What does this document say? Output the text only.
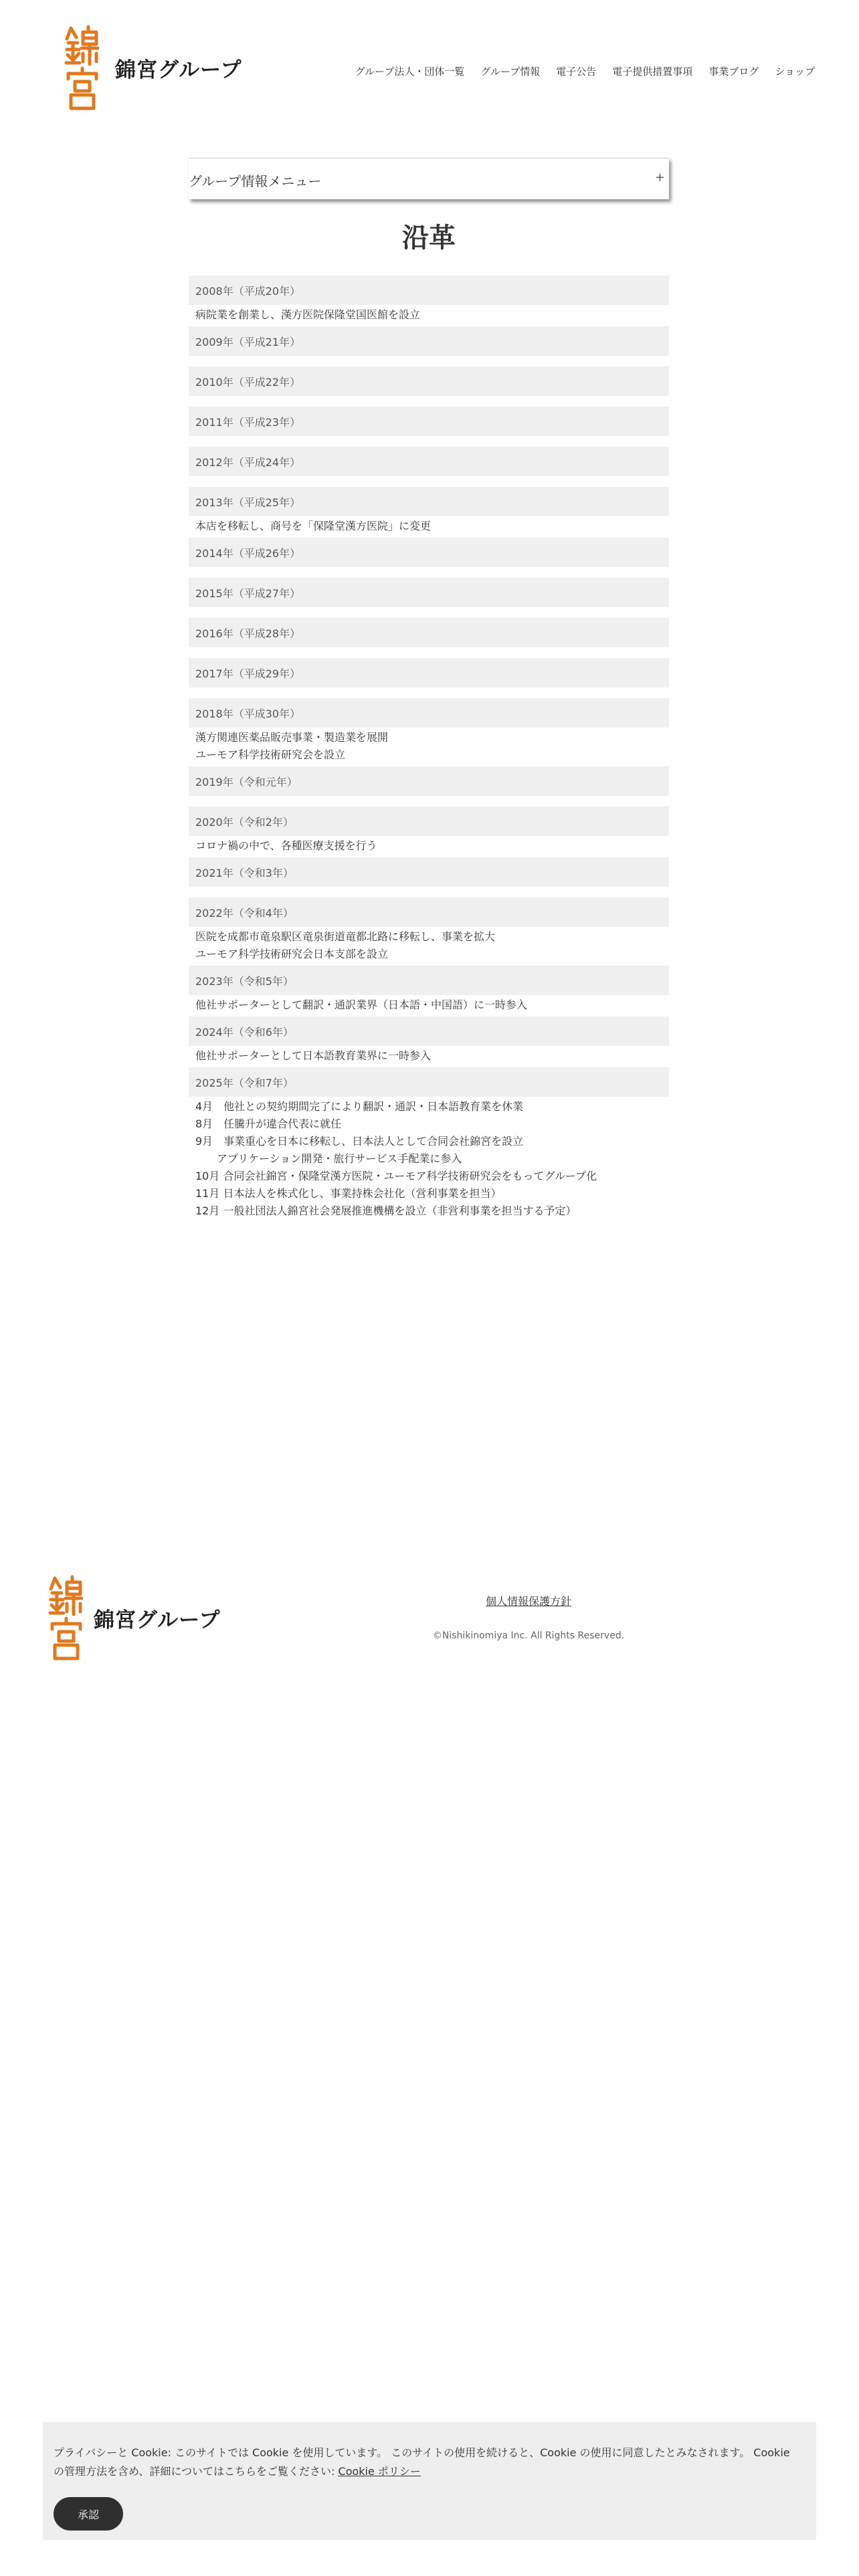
錦宮グループ	グループ法人・団体一覧 グループ情報 電子公告 電子提供措置事項 事業ブログ ショップ
グループ情報メニュー	+
沿革
2008年（平成20年）
病院業を創業し、漢方医院保隆堂国医館を設立
2009年（平成21年）
2010年（平成22年）
2011年（平成23年）
2012年（平成24年）
2013年（平成25年）
本店を移転し、商号を「保隆堂漢方医院」に変更
2014年（平成26年）
2015年（平成27年）
2016年（平成28年）
2017年（平成29年）
2018年（平成30年）
漢方関連医薬品販売事業・製造業を展開
ユーモア科学技術研究会を設立
2019年（令和元年）
2020年（令和2年）
コロナ禍の中で、各種医療支援を行う
2021年（令和3年）
2022年（令和4年）
医院を成都市竜泉駅区竜泉街道竜都北路に移転し、事業を拡大
ユーモア科学技術研究会日本支部を設立
2023年（令和5年）
他社サポーターとして翻訳・通訳業界（日本語・中国語）に一時参入
2024年（令和6年）
他社サポーターとして日本語教育業界に一時参入
2025年（令和7年）
4月　他社との契約期間完了により翻訳・通訳・日本語教育業を休業
8月　任騰升が違合代表に就任
9月　事業重心を日本に移転し、日本法人として合同会社錦宮を設立
　　アプリケーション開発・旅行サービス手配業に参入
10月 合同会社錦宮・保隆堂漢方医院・ユーモア科学技術研究会をもってグループ化
11月 日本法人を株式化し、事業持株会社化（営利事業を担当）
12月 一般社団法人錦宮社会発展推進機構を設立（非営利事業を担当する予定）
錦宮グループ
個人情報保護方針
©Nishikinomiya Inc. All Rights Reserved.
プライバシーと Cookie: このサイトでは Cookie を使用しています。 このサイトの使用を続けると、Cookie の使用に同意したとみなされます。 Cookie の管理方法を含め、詳細についてはこちらをご覧ください: Cookie ポリシー
承認
